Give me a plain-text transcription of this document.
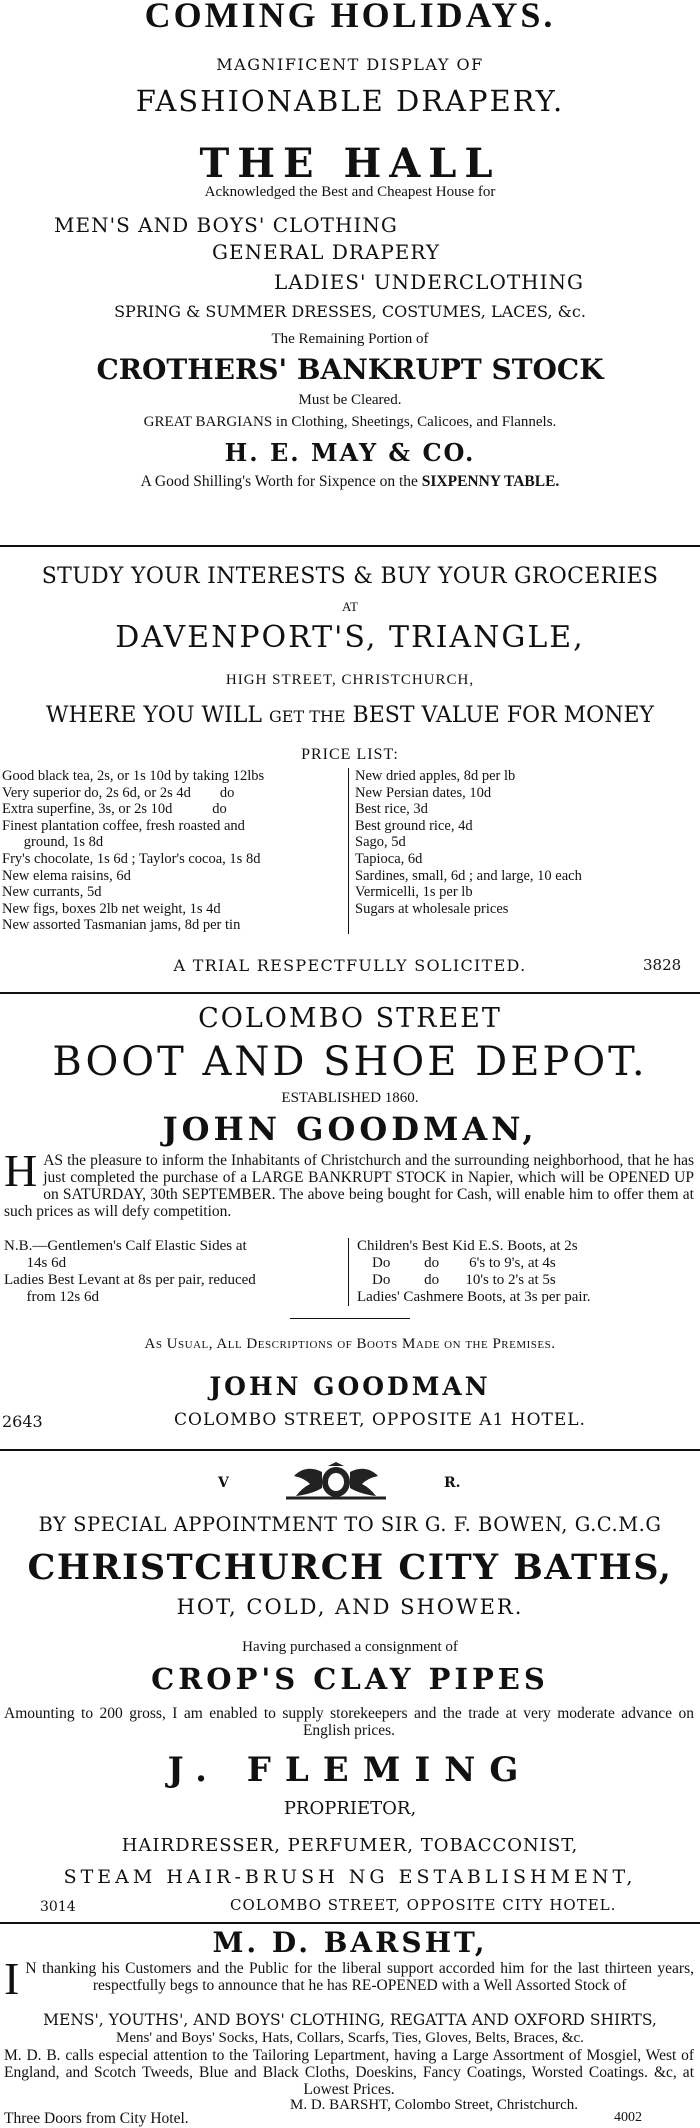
COMING HOLIDAYS.
MAGNIFICENT DISPLAY OF
FASHIONABLE DRAPERY.
THE HALL
Acknowledged the Best and Cheapest House for
MEN'S AND BOYS' CLOTHING
GENERAL DRAPERY
LADIES' UNDERCLOTHING
SPRING & SUMMER DRESSES, COSTUMES, LACES, &c.
The Remaining Portion of
CROTHERS' BANKRUPT STOCK
Must be Cleared.
GREAT BARGIANS in Clothing, Sheetings, Calicoes, and Flannels.
H. E. MAY & CO.
A Good Shilling's Worth for Sixpence on the SIXPENNY TABLE.
STUDY YOUR INTERESTS & BUY YOUR GROCERIES
AT
DAVENPORT'S, TRIANGLE,
HIGH STREET, CHRISTCHURCH,
WHERE YOU WILL GET THE BEST VALUE FOR MONEY
PRICE LIST:
Good black tea, 2s, or 1s 10d by taking 12lbs
Very superior do, 2s 6d, or 2s 4d        do
Extra superfine, 3s, or 2s 10d           do
Finest plantation coffee, fresh roasted and
ground, 1s 8d
Fry's chocolate, 1s 6d ; Taylor's cocoa, 1s 8d
New elema raisins, 6d
New currants, 5d
New figs, boxes 2lb net weight, 1s 4d
New assorted Tasmanian jams, 8d per tin
New dried apples, 8d per lb
New Persian dates, 10d
Best rice, 3d
Best ground rice, 4d
Sago, 5d
Tapioca, 6d
Sardines, small, 6d ; and large, 10 each
Vermicelli, 1s per lb
Sugars at wholesale prices
A TRIAL RESPECTFULLY SOLICITED.	3828
COLOMBO STREET
BOOT AND SHOE DEPOT.
ESTABLISHED 1860.
JOHN GOODMAN,
H AS the pleasure to inform the Inhabitants of Christchurch and the surrounding neighborhood, that he has just completed the purchase of a LARGE BANKRUPT STOCK in Napier, which will be OPENED UP on SATURDAY, 30th SEPTEMBER. The above being bought for Cash, will enable him to offer them at such prices as will defy competition.
N.B.—Gentlemen's Calf Elastic Sides at
14s 6d
Ladies Best Levant at 8s per pair, reduced
from 12s 6d
Children's Best Kid E.S. Boots, at 2s
Do         do        6's to 9's, at 4s
Do         do       10's to 2's at 5s
Ladies' Cashmere Boots, at 3s per pair.
As Usual, All Descriptions of Boots Made on the Premises.
JOHN GOODMAN
2643	COLOMBO STREET, OPPOSITE A1 HOTEL.
V	R.
BY SPECIAL APPOINTMENT TO SIR G. F. BOWEN, G.C.M.G
CHRISTCHURCH CITY BATHS,
HOT, COLD, AND SHOWER.
Having purchased a consignment of
CROP'S CLAY PIPES
Amounting to 200 gross, I am enabled to supply storekeepers and the trade at very moderate advance on English prices.
J. FLEMING
PROPRIETOR,
HAIRDRESSER, PERFUMER, TOBACCONIST,
STEAM HAIR-BRUSH NG ESTABLISHMENT,
3014	COLOMBO STREET, OPPOSITE CITY HOTEL.
M. D. BARSHT,
I N thanking his Customers and the Public for the liberal support accorded him for the last thirteen years, respectfully begs to announce that he has RE-OPENED with a Well Assorted Stock of
MENS', YOUTHS', AND BOYS' CLOTHING, REGATTA AND OXFORD SHIRTS,
Mens' and Boys' Socks, Hats, Collars, Scarfs, Ties, Gloves, Belts, Braces, &c.
M. D. B. calls especial attention to the Tailoring Lepartment, having a Large Assortment of Mosgiel, West of England, and Scotch Tweeds, Blue and Black Cloths, Doeskins, Fancy Coatings, Worsted Coatings. &c, at Lowest Prices.
M. D. BARSHT, Colombo Street, Christchurch.
Three Doors from City Hotel.	4002
